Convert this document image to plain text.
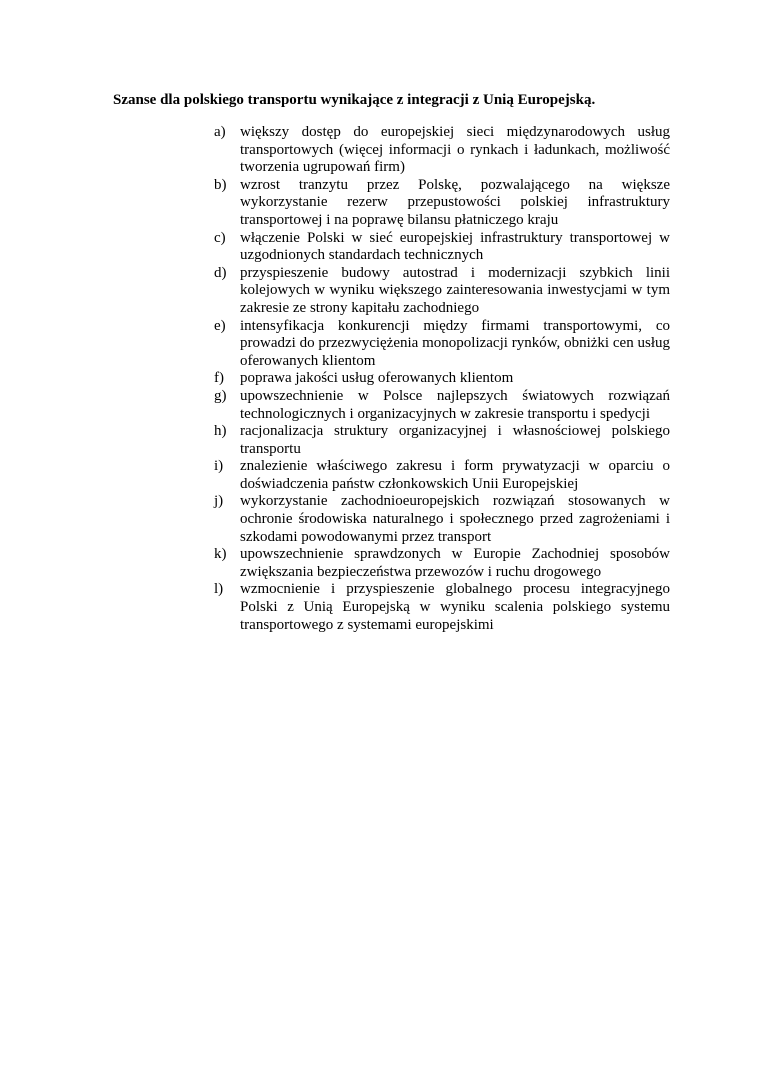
Szanse dla polskiego transportu wynikające z integracji z Unią Europejską.
a) większy dostęp do europejskiej sieci międzynarodowych usług transportowych (więcej informacji o rynkach i ładunkach, możliwość tworzenia ugrupowań firm)
b) wzrost tranzytu przez Polskę, pozwalającego na większe wykorzystanie rezerw przepustowości polskiej infrastruktury transportowej i na poprawę bilansu płatniczego kraju
c) włączenie Polski w sieć europejskiej infrastruktury transportowej w uzgodnionych standardach technicznych
d) przyspieszenie budowy autostrad i modernizacji szybkich linii kolejowych w wyniku większego zainteresowania inwestycjami w tym zakresie ze strony kapitału zachodniego
e) intensyfikacja konkurencji między firmami transportowymi, co prowadzi do przezwyciężenia monopolizacji rynków, obniżki cen usług oferowanych klientom
f)	poprawa jakości usług oferowanych klientom
g) upowszechnienie w Polsce najlepszych światowych rozwiązań technologicznych i organizacyjnych w zakresie transportu i spedycji
h) racjonalizacja struktury organizacyjnej i własnościowej polskiego transportu
i)	znalezienie właściwego zakresu i form prywatyzacji w oparciu o doświadczenia państw członkowskich Unii Europejskiej
j)	wykorzystanie zachodnioeuropejskich rozwiązań stosowanych w ochronie środowiska naturalnego i społecznego przed zagrożeniami i szkodami powodowanymi przez transport
k) upowszechnienie sprawdzonych w Europie Zachodniej sposobów zwiększania bezpieczeństwa przewozów i ruchu drogowego
l)	wzmocnienie i przyspieszenie globalnego procesu integracyjnego Polski z Unią Europejską w wyniku scalenia polskiego systemu transportowego z systemami europejskimi
